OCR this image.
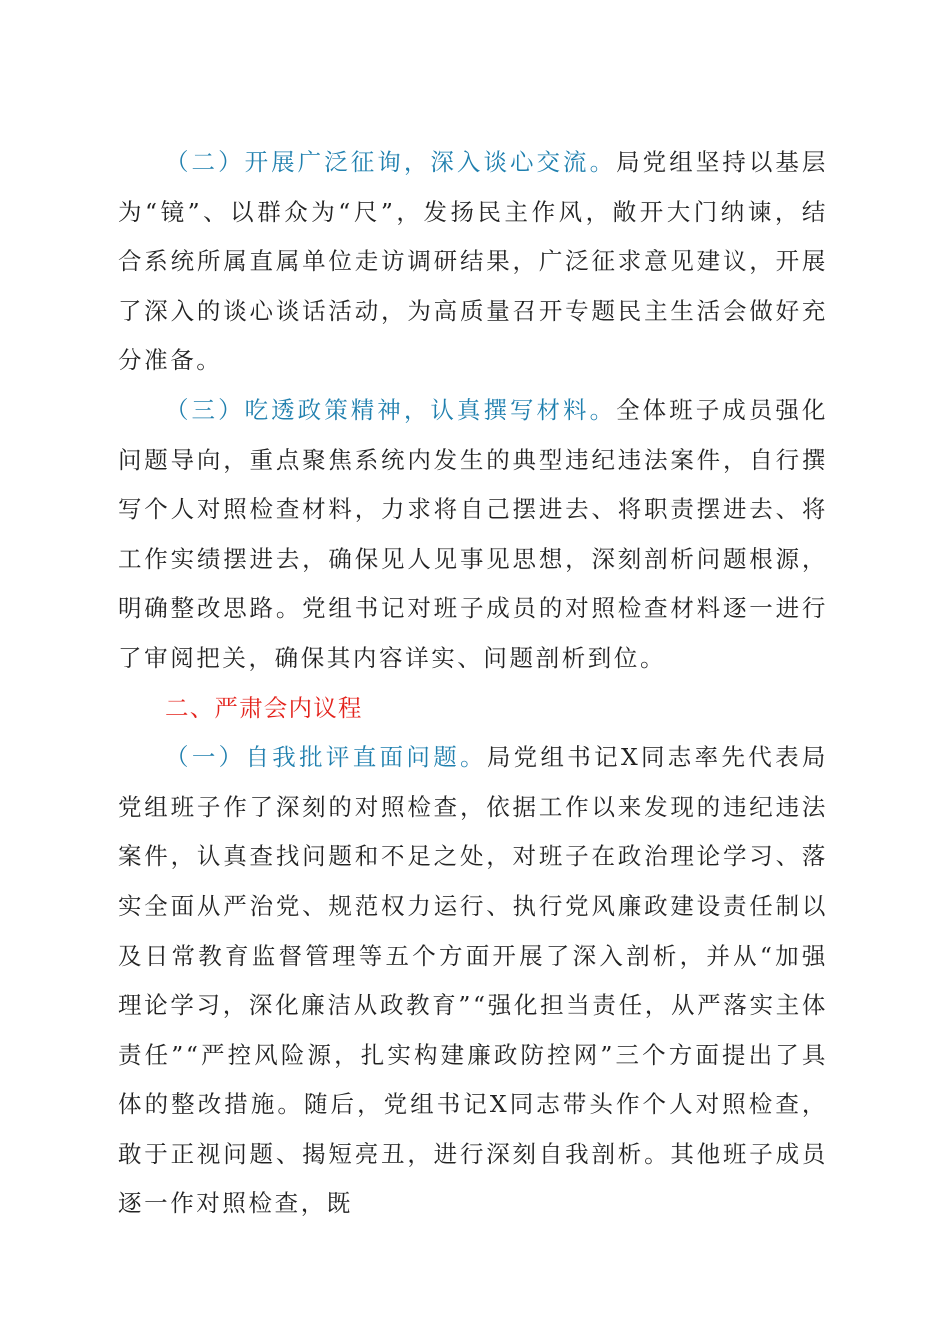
（二）开展广泛征询，深入谈心交流。局党组坚持以基层为“镜”、以群众为“尺”，发扬民主作风，敞开大门纳谏，结合系统所属直属单位走访调研结果，广泛征求意见建议，开展了深入的谈心谈话活动，为高质量召开专题民主生活会做好充分准备。

（三）吃透政策精神，认真撰写材料。全体班子成员强化问题导向，重点聚焦系统内发生的典型违纪违法案件，自行撰写个人对照检查材料，力求将自己摆进去、将职责摆进去、将工作实绩摆进去，确保见人见事见思想，深刻剖析问题根源，明确整改思路。党组书记对班子成员的对照检查材料逐一进行了审阅把关，确保其内容详实、问题剖析到位。

二、严肃会内议程

（一）自我批评直面问题。局党组书记X同志率先代表局党组班子作了深刻的对照检查，依据工作以来发现的违纪违法案件，认真查找问题和不足之处，对班子在政治理论学习、落实全面从严治党、规范权力运行、执行党风廉政建设责任制以及日常教育监督管理等五个方面开展了深入剖析，并从“加强理论学习，深化廉洁从政教育”“强化担当责任，从严落实主体责任”“严控风险源，扎实构建廉政防控网”三个方面提出了具体的整改措施。随后，党组书记X同志带头作个人对照检查，敢于正视问题、揭短亮丑，进行深刻自我剖析。其他班子成员逐一作对照检查，既
